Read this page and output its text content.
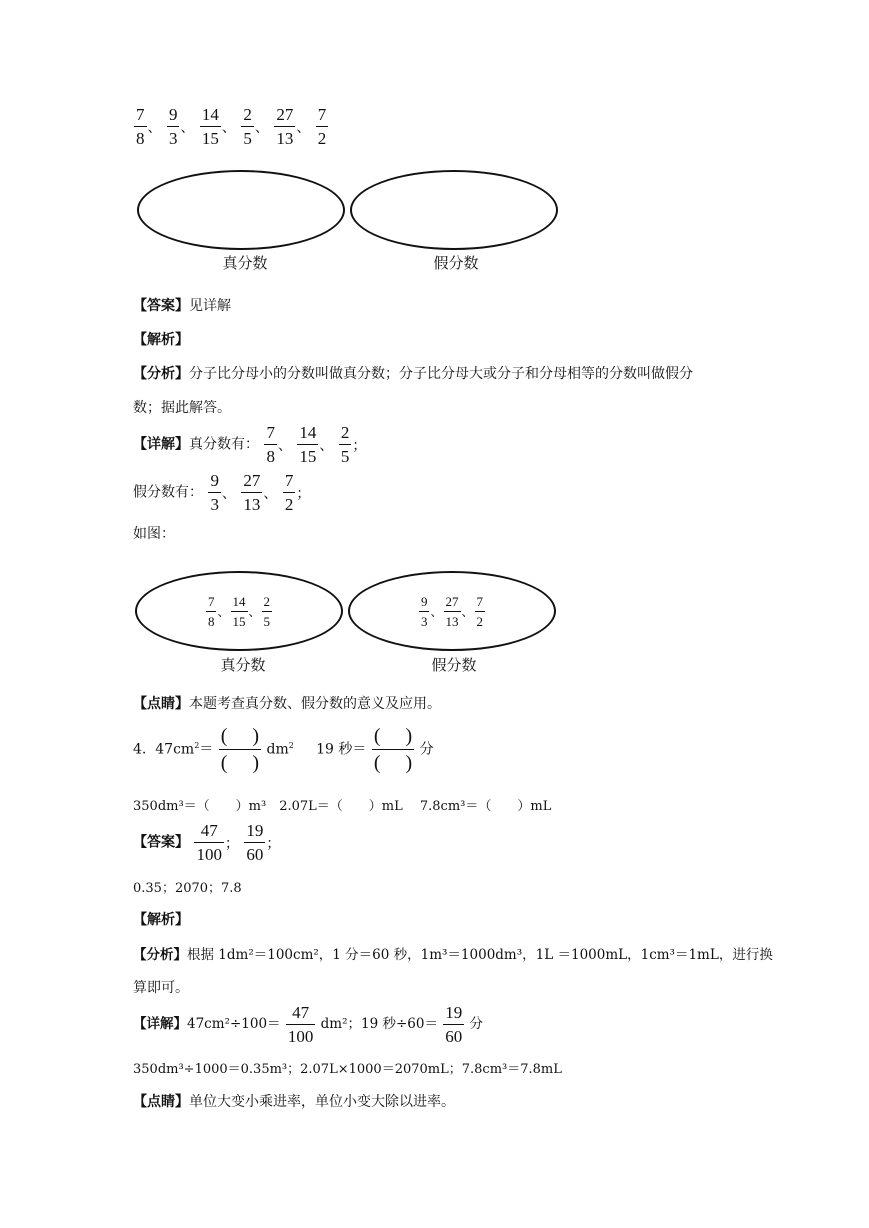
$\frac{7}{8}$ 、 $\frac{9}{3}$ 、 $\frac{14}{15}$ 、 $\frac{2}{5}$ 、 $\frac{27}{13}$ 、 $\frac{7}{2}$
真分数	假分数
【答案】见详解
【解析】
【分析】分子比分母小的分数叫做真分数；分子比分母大或分子和分母相等的分数叫做假分
数；据此解答。
【详解】真分数有： $\frac{7}{8}$ 、 $\frac{14}{15}$ 、 $\frac{2}{5}$ ；
假分数有： $\frac{9}{3}$ 、 $\frac{27}{13}$ 、 $\frac{7}{2}$ ；
如图：
$\frac{7}{8}$ 、 $\frac{14}{15}$ 、 $\frac{2}{5}$	$\frac{9}{3}$ 、 $\frac{27}{13}$ 、 $\frac{7}{2}$
真分数	假分数
【点睛】本题考查真分数、假分数的意义及应用。
4. $47cm^2= \frac{( )}{( )} dm^2$ 19 秒＝ $\frac{( )}{( )}$ 分
350dm³＝（　　）m³　2.07L＝（　　）mL　 7.8cm³＝（　　）mL
【答案】 $\frac{47}{100}$ ； $\frac{19}{60}$ ；
0.35；2070；7.8
【解析】
【分析】根据 1dm²＝100cm²，1 分＝60 秒，1m³＝1000dm³，1L ＝1000mL，1cm³＝1mL，进行换
算即可。
【详解】$47cm^2\div 100= \frac{47}{100} dm^2$；19 秒$\div 60= \frac{19}{60}$ 分
350dm³÷1000＝0.35m³；2.07L×1000＝2070mL；7.8cm³＝7.8mL
【点睛】单位大变小乘进率，单位小变大除以进率。
